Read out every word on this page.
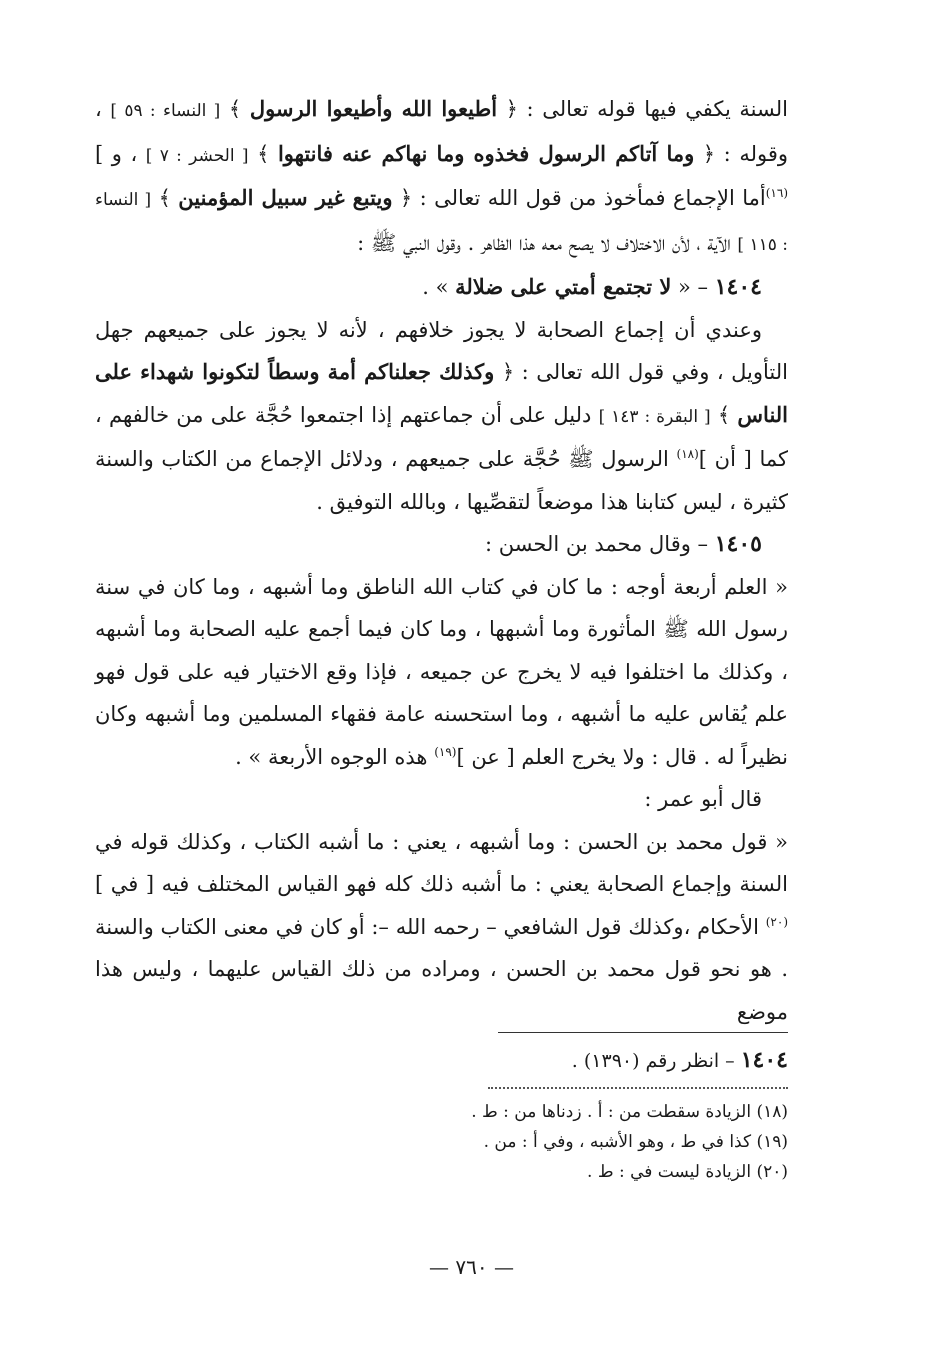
السنة يكفي فيها قوله تعالى : ﴿ أطيعوا الله وأطيعوا الرسول ﴾ [ النساء : ٥٩ ] ، وقوله : ﴿ وما آتاكم الرسول فخذوه وما نهاكم عنه فانتهوا ﴾ [ الحشر : ٧ ] ، و ]$^{(١٦)}$أما الإجماع فمأخوذ من قول الله تعالى : ﴿ ويتبع غير سبيل المؤمنين ﴾ [ النساء : ١١٥ ] الآية ، لأن الاختلاف لا يصح معه هذا الظاهر . وقول النبي ﷺ :

١٤٠٤ – « لا تجتمع أمتي على ضلالة » .

وعندي أن إجماع الصحابة لا يجوز خلافهم ، لأنه لا يجوز على جميعهم جهل التأويل ، وفي قول الله تعالى : ﴿ وكذلك جعلناكم أمة وسطاً لتكونوا شهداء على الناس ﴾ [ البقرة : ١٤٣ ] دليل على أن جماعتهم إذا اجتمعوا حُجَّة على من خالفهم ، كما [ أن ]$^{(١٨)}$ الرسول ﷺ حُجَّة على جميعهم ، ودلائل الإجماع من الكتاب والسنة كثيرة ، ليس كتابنا هذا موضعاً لتقصِّيها ، وبالله التوفيق .

١٤٠٥ – وقال محمد بن الحسن :

« العلم أربعة أوجه : ما كان في كتاب الله الناطق وما أشبهه ، وما كان في سنة رسول الله ﷺ المأثورة وما أشبهها ، وما كان فيما أجمع عليه الصحابة وما أشبهه ، وكذلك ما اختلفوا فيه لا يخرج عن جميعه ، فإذا وقع الاختيار فيه على قول فهو علم يُقاس عليه ما أشبهه ، وما استحسنه عامة فقهاء المسلمين وما أشبهه وكان نظيراً له . قال : ولا يخرج العلم [ عن ]$^{(١٩)}$ هذه الوجوه الأربعة » .

قال أبو عمر :

« قول محمد بن الحسن : وما أشبهه ، يعني : ما أشبه الكتاب ، وكذلك قوله في السنة وإجماع الصحابة يعني : ما أشبه ذلك كله فهو القياس المختلف فيه [ في ]$^{(٢٠)}$ الأحكام ،وكذلك قول الشافعي – رحمه الله –: أو كان في معنى الكتاب والسنة . هو نحو قول محمد بن الحسن ، ومراده من ذلك القياس عليهما ، وليس هذا موضع

١٤٠٤ – انظر رقم (١٣٩٠) .
(١٨) الزيادة سقطت من : أ . زدناها من : ط .
(١٩) كذا في ط ، وهو الأشبه ، وفي أ : من .
(٢٠) الزيادة ليست في : ط .
— ٧٦٠ —
